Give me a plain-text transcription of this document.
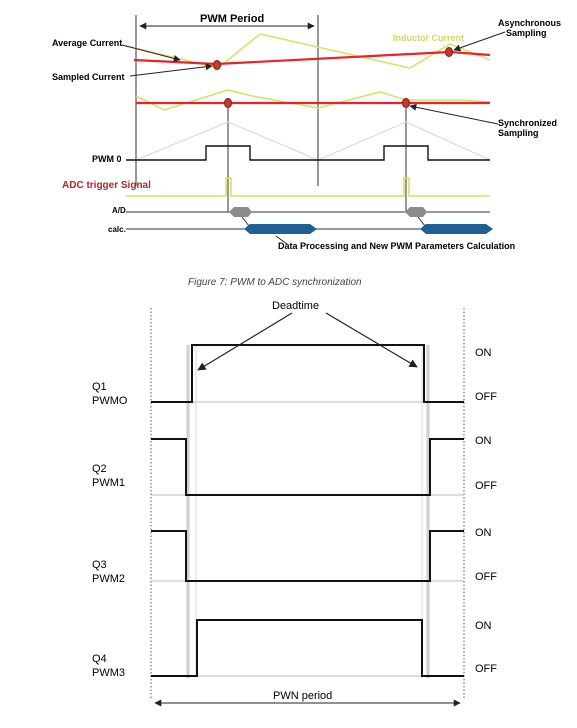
PWM Period
Average Current
Sampled Current
Inductor Current
Asynchronous
Sampling
Synchronized
Sampling
PWM 0
ADC trigger Signal
A/D
calc.
Data Processing and New PWM Parameters Calculation
Figure 7: PWM to ADC synchronization
Deadtime
Q1
PWMO
Q2
PWM1
Q3
PWM2
Q4
PWM3
ON
OFF
ON
OFF
ON
OFF
ON
OFF
PWN period
